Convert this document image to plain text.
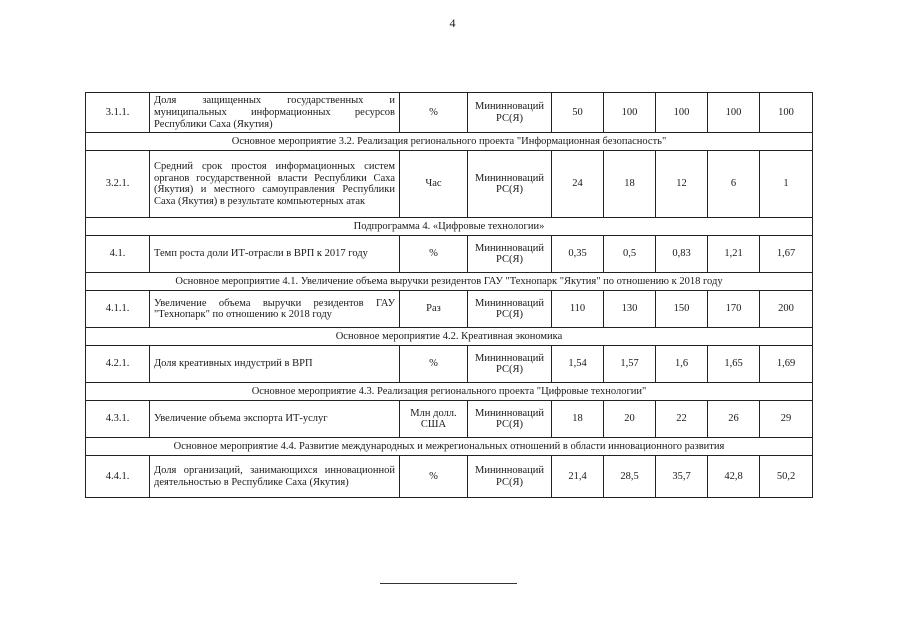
4
3.1.1.	Доля защищенных государственных и муниципальных информационных ресурсов Республики Саха (Якутия)	%	Мининноваций РС(Я)	50	100	100	100	100
Основное мероприятие 3.2. Реализация регионального проекта "Информационная безопасность"								
3.2.1.	Средний срок простоя информационных систем органов государственной власти Республики Саха (Якутия) и местного самоуправления Республики Саха (Якутия) в результате компьютерных атак	Час	Мининноваций РС(Я)	24	18	12	6	1
Подпрограмма 4. «Цифровые технологии»								
4.1.	Темп роста доли ИТ-отрасли в ВРП к 2017 году	%	Мининноваций РС(Я)	0,35	0,5	0,83	1,21	1,67
Основное мероприятие 4.1. Увеличение объема выручки резидентов ГАУ "Технопарк "Якутия" по отношению к 2018 году								
4.1.1.	Увеличение объема выручки резидентов ГАУ "Технопарк" по отношению к 2018 году	Раз	Мининноваций РС(Я)	110	130	150	170	200
Основное мероприятие 4.2. Креативная экономика								
4.2.1.	Доля креативных индустрий в ВРП	%	Мининноваций РС(Я)	1,54	1,57	1,6	1,65	1,69
Основное мероприятие 4.3. Реализация регионального проекта "Цифровые технологии"								
4.3.1.	Увеличение объема экспорта ИТ-услуг	Млн долл. США	Мининноваций РС(Я)	18	20	22	26	29
Основное мероприятие 4.4. Развитие международных и межрегиональных отношений в области инновационного развития								
4.4.1.	Доля организаций, занимающихся инновационной деятельностью в Республике Саха (Якутия)	%	Мининноваций РС(Я)	21,4	28,5	35,7	42,8	50,2
